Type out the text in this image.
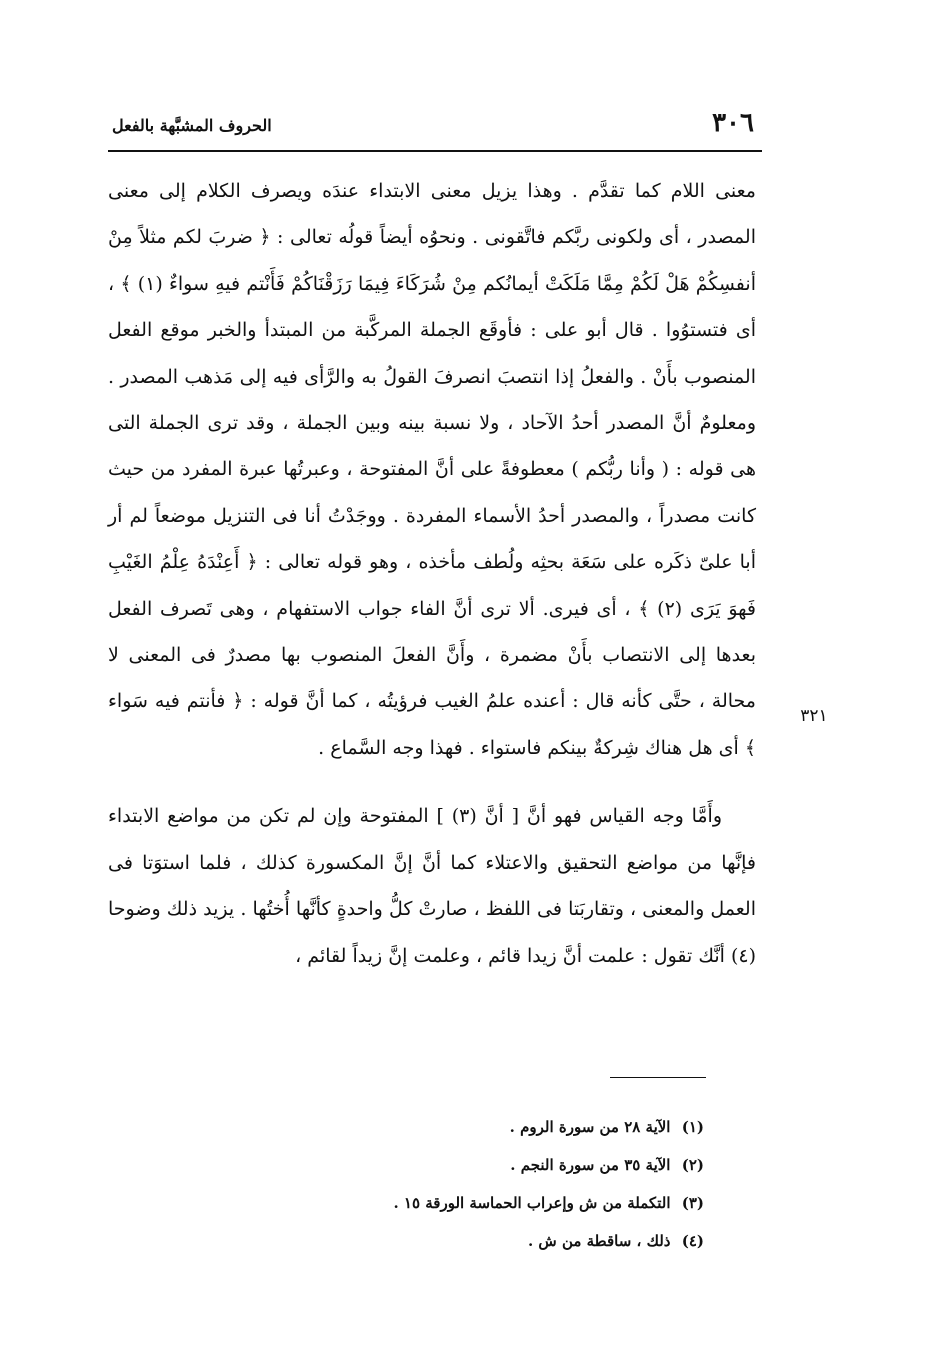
٣٠٦
الحروف المشبَّهة بالفعل

معنى اللام كما تقدَّم . وهذا يزيل معنى الابتداء عندَه ويصرف الكلام إلى معنى المصدر ، أى ولكونى ربَّكم فاتَّقونى . ونحوُه أيضاً قولُه تعالى : ﴿ ضربَ لكم مثلاً مِنْ أنفسِكُمْ هَلْ لَكُمْ مِمَّا مَلَكَتْ أيمانُكم مِنْ شُرَكَاءَ فِيمَا رَزَقْنَاكُمْ فَأَنْتم فيهِ سواءٌ (١) ﴾ ، أى فتستوُوا . قال أبو على : فأوقَع الجملة المركَّبة من المبتدأ والخبر موقع الفعل المنصوب بأَنْ . والفعلُ إذا انتصبَ انصرفَ القولُ به والرَّأى فيه إلى مَذهب المصدر . ومعلومٌ أنَّ المصدر أحدُ الآحاد ، ولا نسبة بينه وبين الجملة ، وقد ترى الجملة التى هى قوله : ( وأنا ربُّكم ) معطوفةً على أنَّ المفتوحة ، وعبرتُها عبرة المفرد من حيث كانت مصدراً ، والمصدر أحدُ الأسماء المفردة . ووجَدْتُ أنا فى التنزيل موضعاً لم أر أبا علىّ ذكَره على سَعَة بحثِه ولُطف مأخذه ، وهو قوله تعالى : ﴿ أَعِنْدَهُ عِلْمُ الغَيْبِ فَهوَ يَرَى (٢) ﴾ ، أى فيرى. ألا ترى أنَّ الفاء جواب الاستفهام ، وهى تَصرف الفعل بعدها إلى الانتصاب بأَنْ مضمرة ، وأَنَّ الفعلَ المنصوب بها مصدرٌ فى المعنى لا محالة ، حتَّى كأنه قال : أعنده علمُ الغيب فرؤيتُه ، كما أنَّ قوله : ﴿ فأنتم فيه سَواء ﴾ أى هل هناك شِركةٌ بينكم فاستواء . فهذا وجه السَّماع .

وأَمَّا وجه القياس فهو أنَّ [ أنَّ (٣) ] المفتوحة وإن لم تكن من مواضع الابتداء فإنَّها من مواضع التحقيق والاعتلاء كما أنَّ إنَّ المكسورة كذلك ، فلما استوَتا فى العمل والمعنى ، وتقاربَتا فى اللفظ ، صارتْ كلُّ واحدةٍ كأنَّها أُختُها . يزيد ذلك وضوحا (٤) أنَّك تقول : علمت أنَّ زيدا قائم ، وعلمت إنَّ زيداً لقائم ،

٣٢١
(١) الآية ٢٨ من سورة الروم .
(٢) الآية ٣٥ من سورة النجم .
(٣) التكملة من ش وإعراب الحماسة الورقة ١٥ .
(٤) ذلك ، ساقطة من ش .
